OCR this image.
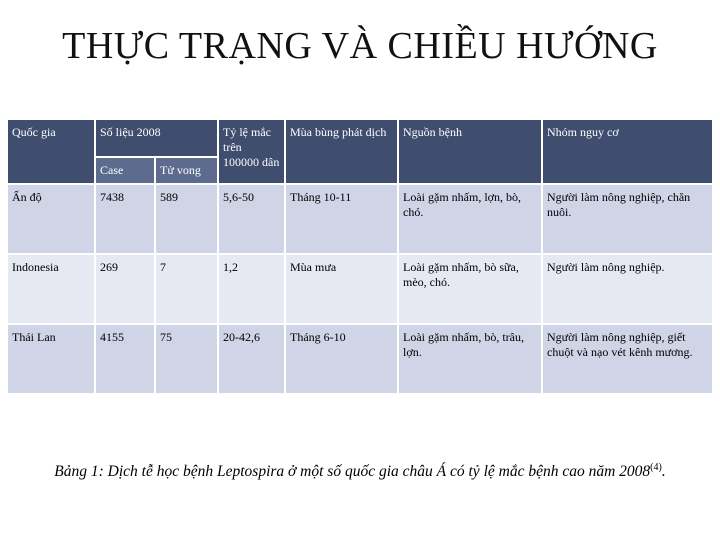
THỰC TRẠNG VÀ CHIỀU HƯỚNG
Quốc gia	Số liệu 2008		Tỷ lệ mắc trên 100000 dân	Mùa bùng phát dịch	Nguồn bệnh	Nhóm nguy cơ
	Case	Tử vong				
Ấn độ	7438	589	5,6-50	Tháng 10-11	Loài gặm nhấm, lợn, bò, chó.	Người làm nông nghiệp, chăn nuôi.
Indonesia	269	7	1,2	Mùa mưa	Loài gặm nhấm, bò sữa, mèo, chó.	Người làm nông nghiệp.
Thái Lan	4155	75	20-42,6	Tháng 6-10	Loài gặm nhấm, bò, trâu, lợn.	Người làm nông nghiệp, giết chuột và nạo vét kênh mương.
Bảng 1: Dịch tễ học bệnh Leptospira ở một số quốc gia châu Á có tỷ lệ mắc bệnh cao năm 2008$^{(4)}$.
